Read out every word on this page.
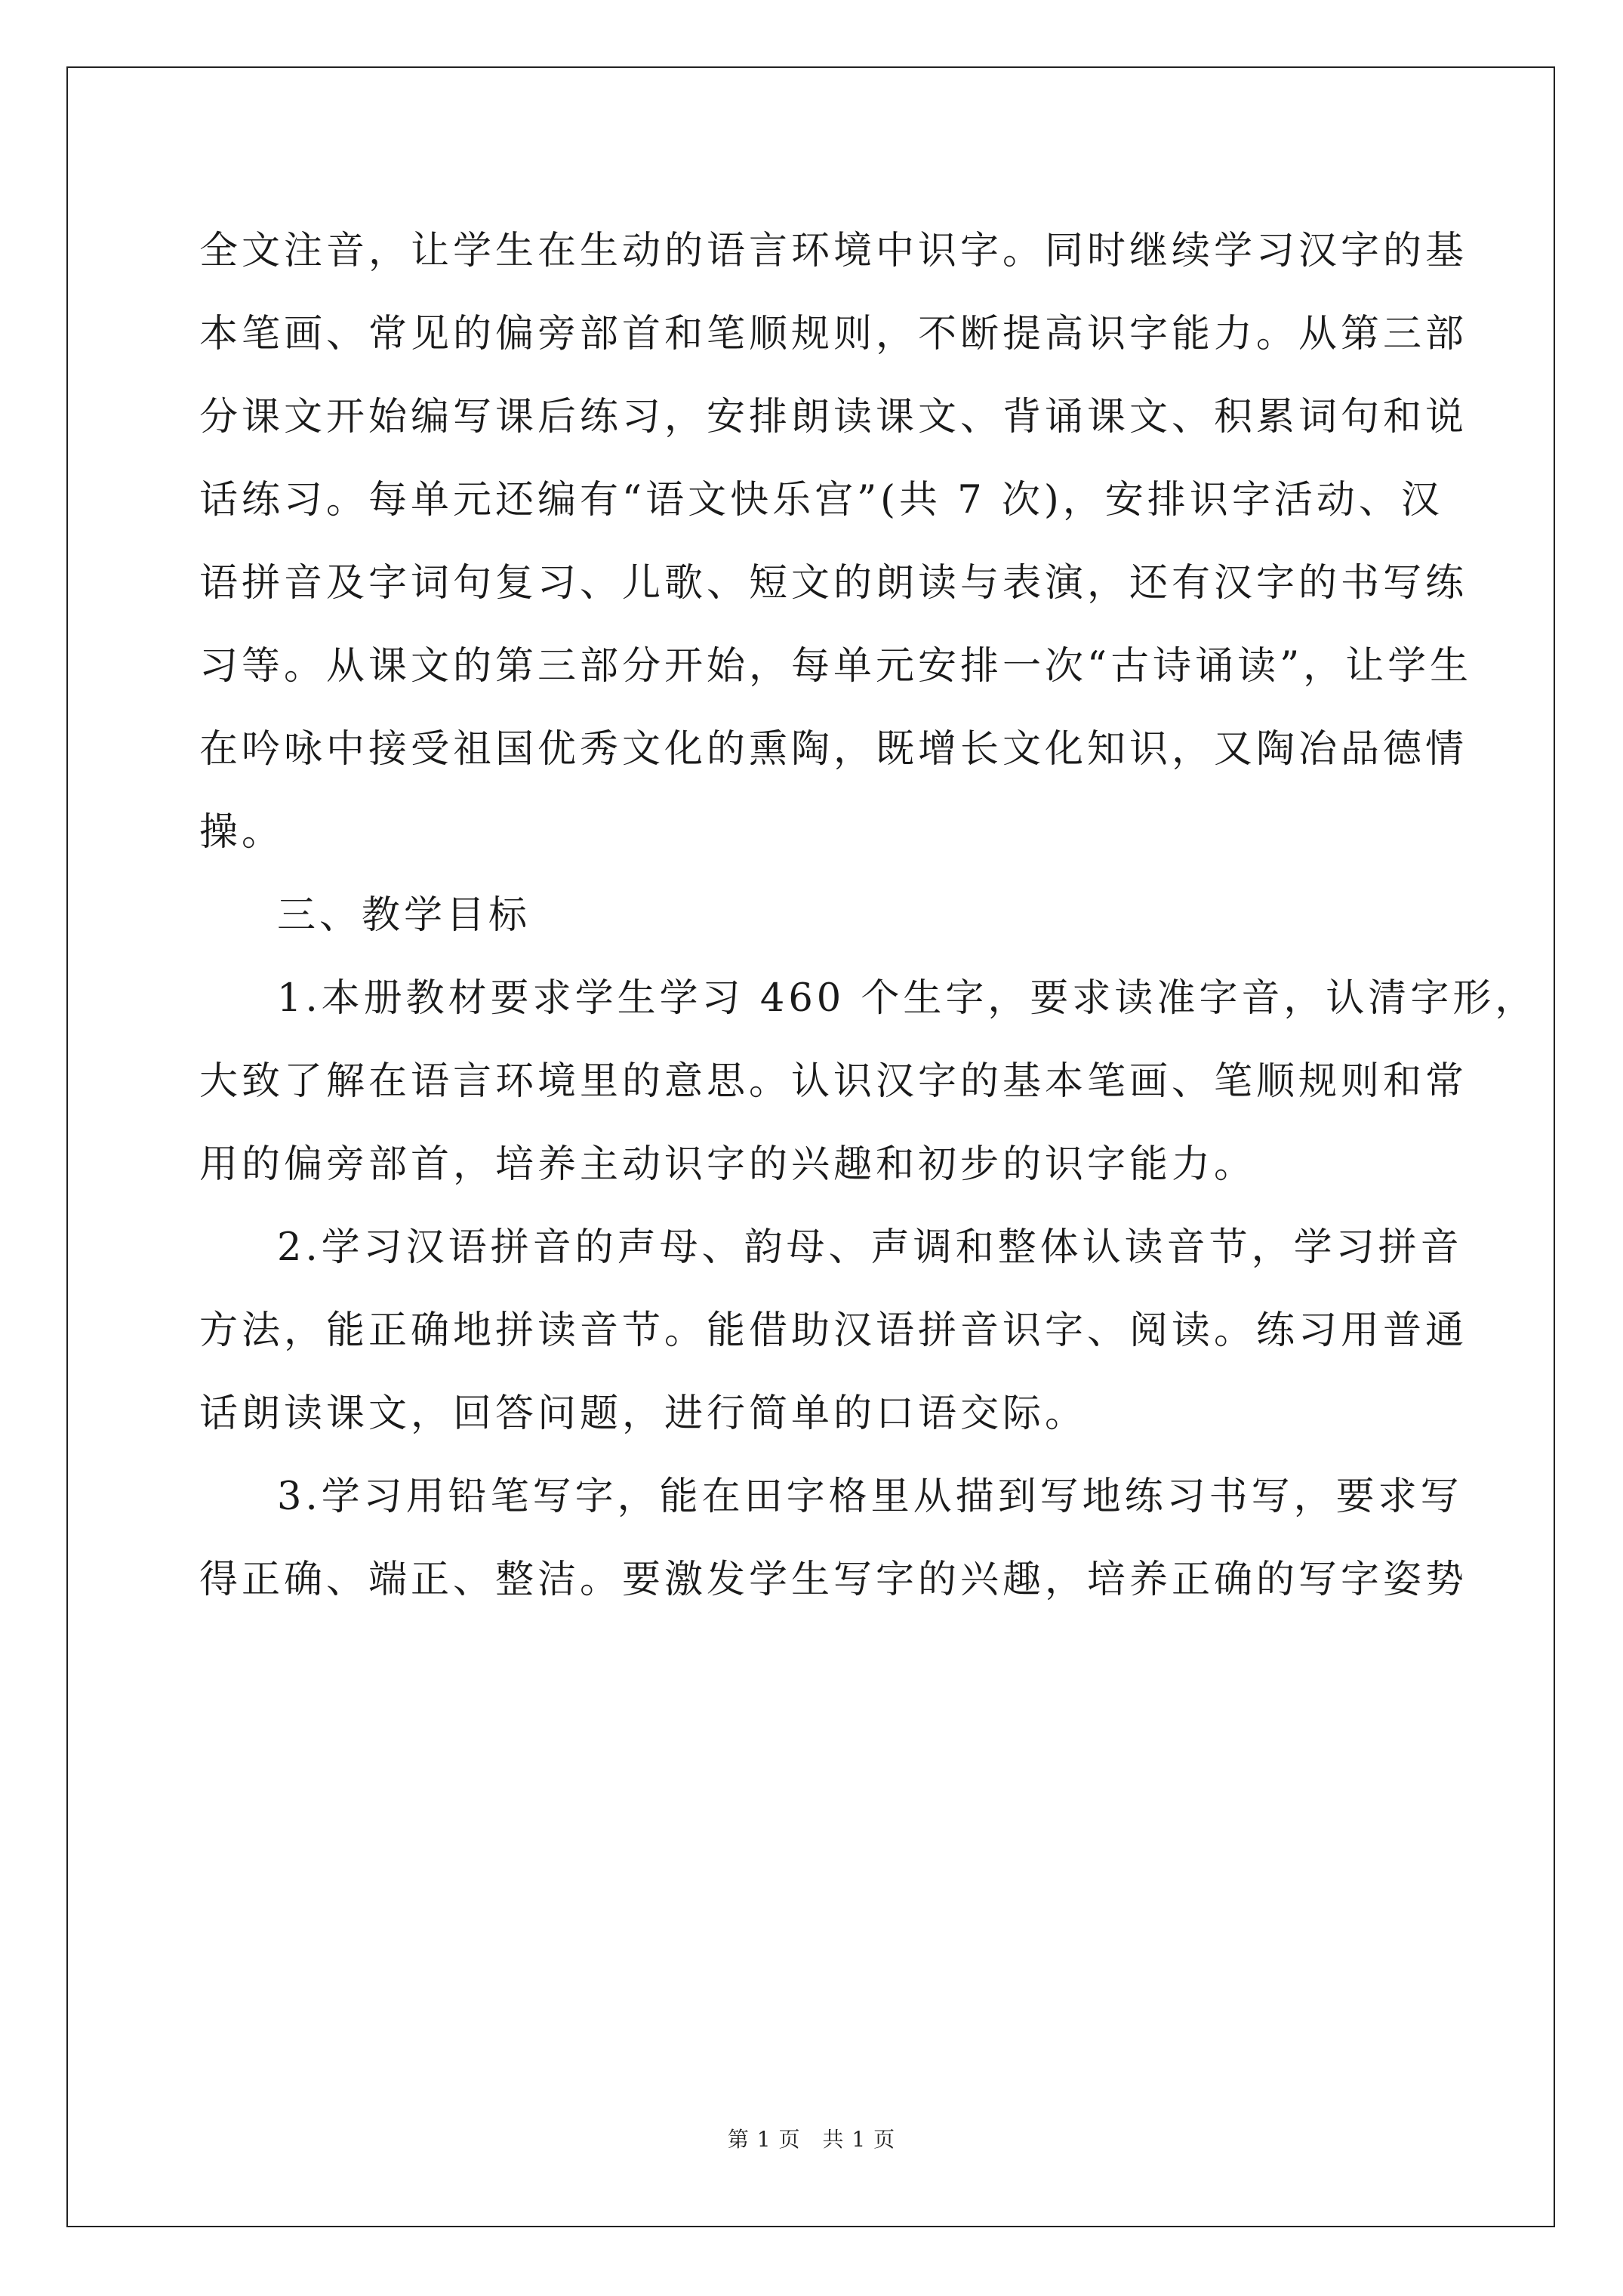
全文注音，让学生在生动的语言环境中识字。同时继续学习汉字的基
本笔画、常见的偏旁部首和笔顺规则，不断提高识字能力。从第三部
分课文开始编写课后练习，安排朗读课文、背诵课文、积累词句和说
话练习。每单元还编有“语文快乐宫”(共 7 次)，安排识字活动、汉
语拼音及字词句复习、儿歌、短文的朗读与表演，还有汉字的书写练
习等。从课文的第三部分开始，每单元安排一次“古诗诵读”，让学生
在吟咏中接受祖国优秀文化的熏陶，既增长文化知识，又陶冶品德情
操。
三、教学目标
1.本册教材要求学生学习 460 个生字，要求读准字音，认清字形，
大致了解在语言环境里的意思。认识汉字的基本笔画、笔顺规则和常
用的偏旁部首，培养主动识字的兴趣和初步的识字能力。
2.学习汉语拼音的声母、韵母、声调和整体认读音节，学习拼音
方法，能正确地拼读音节。能借助汉语拼音识字、阅读。练习用普通
话朗读课文，回答问题，进行简单的口语交际。
3.学习用铅笔写字，能在田字格里从描到写地练习书写，要求写
得正确、端正、整洁。要激发学生写字的兴趣，培养正确的写字姿势
第 1 页　共 1 页
